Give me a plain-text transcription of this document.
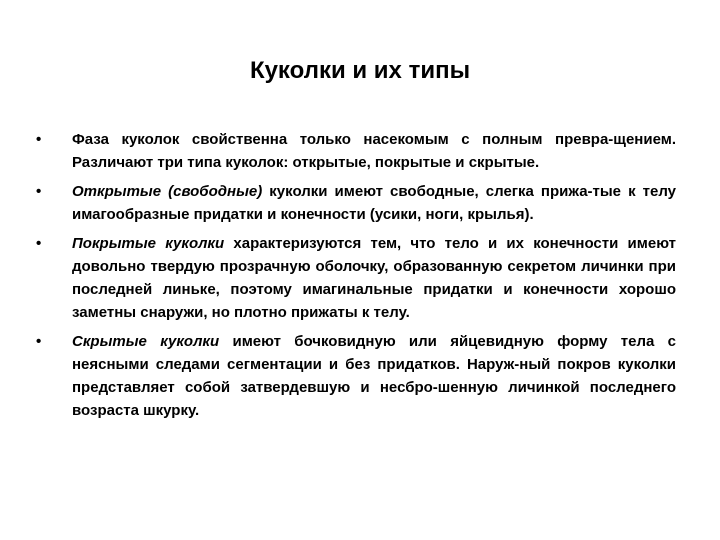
Куколки и их типы
• Фаза куколок свойственна только насекомым с полным превра-щением. Различают три типа куколок: открытые, покрытые и скрытые.
• Открытые (свободные) куколки имеют свободные, слегка прижа-тые к телу имагообразные придатки и конечности (усики, ноги, крылья).
• Покрытые куколки характеризуются тем, что тело и их конечности имеют довольно твердую прозрачную оболочку, образованную секретом личинки при последней линьке, поэтому имагинальные придатки и конечности хорошо заметны снаружи, но плотно прижаты к телу.
• Скрытые куколки имеют бочковидную или яйцевидную форму тела с неясными следами сегментации и без придатков. Наруж-ный покров куколки представляет собой затвердевшую и несбро-шенную личинкой последнего возраста шкурку.
